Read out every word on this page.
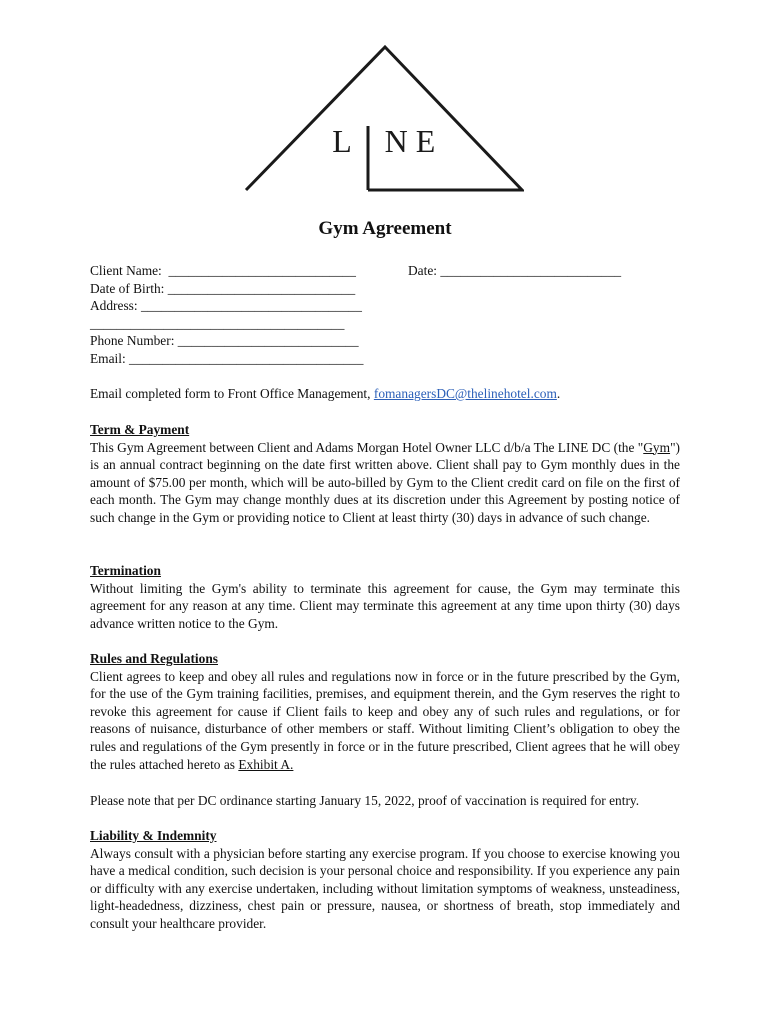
L N E
Gym Agreement
Client Name:  ____________________________
Date of Birth: ____________________________
Address: _________________________________
______________________________________
Phone Number: ___________________________
Email: ___________________________________
Date: ___________________________
Email completed form to Front Office Management, fomanagersDC@thelinehotel.com.
Term & Payment
This Gym Agreement between Client and Adams Morgan Hotel Owner LLC d/b/a The LINE DC (the "Gym") is an annual contract beginning on the date first written above. Client shall pay to Gym monthly dues in the amount of $75.00 per month, which will be auto-billed by Gym to the Client credit card on file on the first of each month. The Gym may change monthly dues at its discretion under this Agreement by posting notice of such change in the Gym or providing notice to Client at least thirty (30) days in advance of such change.
Termination
Without limiting the Gym's ability to terminate this agreement for cause, the Gym may terminate this agreement for any reason at any time. Client may terminate this agreement at any time upon thirty (30) days advance written notice to the Gym.
Rules and Regulations
Client agrees to keep and obey all rules and regulations now in force or in the future prescribed by the Gym, for the use of the Gym training facilities, premises, and equipment therein, and the Gym reserves the right to revoke this agreement for cause if Client fails to keep and obey any of such rules and regulations, or for reasons of nuisance, disturbance of other members or staff. Without limiting Client’s obligation to obey the rules and regulations of the Gym presently in force or in the future prescribed, Client agrees that he will obey the rules attached hereto as Exhibit A.
Please note that per DC ordinance starting January 15, 2022, proof of vaccination is required for entry.
Liability & Indemnity
Always consult with a physician before starting any exercise program. If you choose to exercise knowing you have a medical condition, such decision is your personal choice and responsibility. If you experience any pain or difficulty with any exercise undertaken, including without limitation symptoms of weakness, unsteadiness, light-headedness, dizziness, chest pain or pressure, nausea, or shortness of breath, stop immediately and consult your healthcare provider.
